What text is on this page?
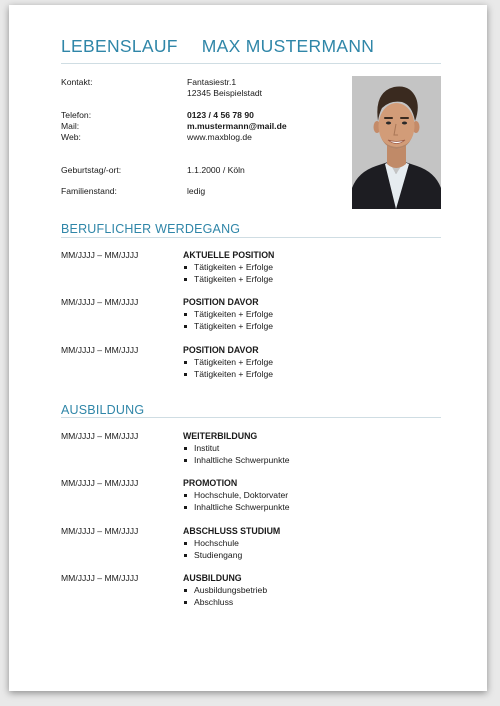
LEBENSLAUF MAX MUSTERMANN
Kontakt:	Fantasiestr.1
12345 Beispielstadt
Telefon:	0123 / 4 56 78 90
Mail:	m.mustermann@mail.de
Web:	www.maxblog.de
Geburtstag/-ort:	1.1.2000 / Köln
Familienstand:	ledig
BERUFLICHER WERDEGANG
MM/JJJJ – MM/JJJJ	AKTUELLE POSITION
Tätigkeiten + Erfolge
Tätigkeiten + Erfolge
MM/JJJJ – MM/JJJJ	POSITION DAVOR
Tätigkeiten + Erfolge
Tätigkeiten + Erfolge
MM/JJJJ – MM/JJJJ	POSITION DAVOR
Tätigkeiten + Erfolge
Tätigkeiten + Erfolge
AUSBILDUNG
MM/JJJJ – MM/JJJJ	WEITERBILDUNG
Institut
Inhaltliche Schwerpunkte
MM/JJJJ – MM/JJJJ	PROMOTION
Hochschule, Doktorvater
Inhaltliche Schwerpunkte
MM/JJJJ – MM/JJJJ	ABSCHLUSS STUDIUM
Hochschule
Studiengang
MM/JJJJ – MM/JJJJ	AUSBILDUNG
Ausbildungsbetrieb
Abschluss
